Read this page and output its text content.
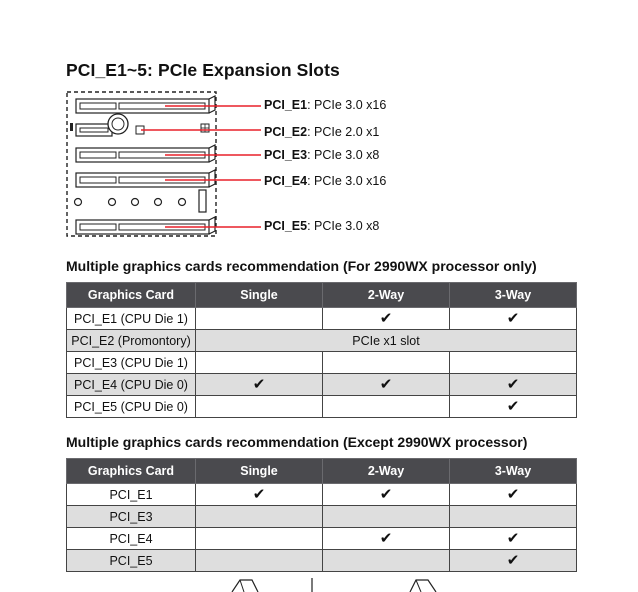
PCI_E1~5: PCIe Expansion Slots
PCI_E1: PCIe 3.0 x16
PCI_E2: PCIe 2.0 x1
PCI_E3: PCIe 3.0 x8
PCI_E4: PCIe 3.0 x16
PCI_E5: PCIe 3.0 x8
Multiple graphics cards recommendation (For 2990WX processor only)
Graphics Card	Single	2-Way	3-Way
PCI_E1 (CPU Die 1)		✔	✔
PCI_E2 (Promontory)	PCIe x1 slot		
PCI_E3 (CPU Die 1)			
PCI_E4 (CPU Die 0)	✔	✔	✔
PCI_E5 (CPU Die 0)			✔
Multiple graphics cards recommendation (Except 2990WX processor)
Graphics Card	Single	2-Way	3-Way
PCI_E1	✔	✔	✔
PCI_E3			
PCI_E4		✔	✔
PCI_E5			✔
